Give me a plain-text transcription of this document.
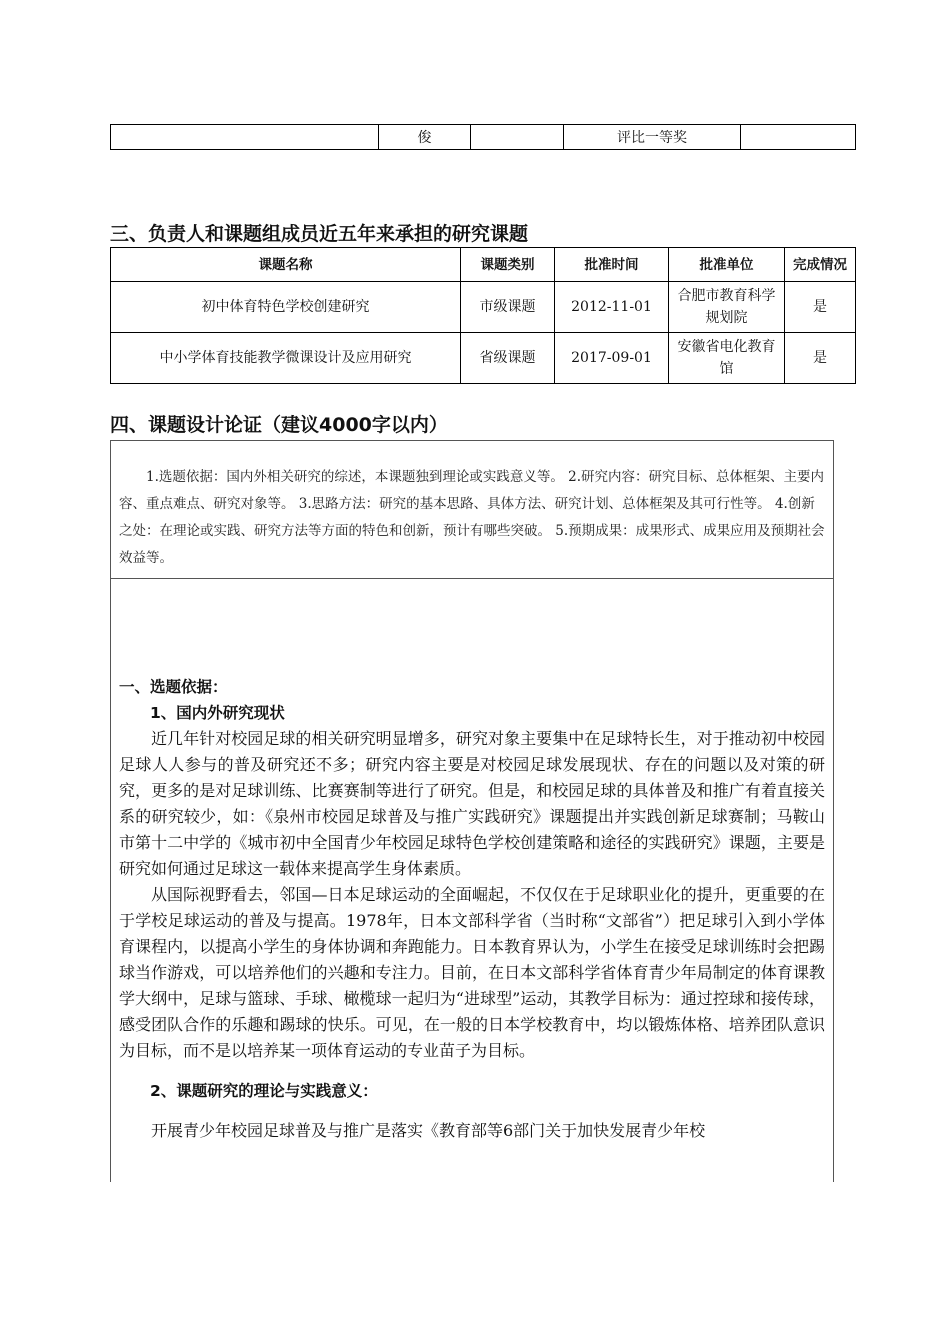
	俊		评比一等奖	
三、负责人和课题组成员近五年来承担的研究课题
课题名称	课题类别	批准时间	批准单位	完成情况
初中体育特色学校创建研究	市级课题	2012-11-01	合肥市教育科学规划院	是
中小学体育技能教学微课设计及应用研究	省级课题	2017-09-01	安徽省电化教育馆	是
四、课题设计论证（建议4000字以内）
1.选题依据：国内外相关研究的综述，本课题独到理论或实践意义等。 2.研究内容：研究目标、总体框架、主要内容、重点难点、研究对象等。 3.思路方法：研究的基本思路、具体方法、研究计划、总体框架及其可行性等。 4.创新之处：在理论或实践、研究方法等方面的特色和创新，预计有哪些突破。 5.预期成果：成果形式、成果应用及预期社会效益等。

一、选题依据：

1、国内外研究现状

近几年针对校园足球的相关研究明显增多，研究对象主要集中在足球特长生，对于推动初中校园足球人人参与的普及研究还不多；研究内容主要是对校园足球发展现状、存在的问题以及对策的研究，更多的是对足球训练、比赛赛制等进行了研究。但是，和校园足球的具体普及和推广有着直接关系的研究较少，如：《泉州市校园足球普及与推广实践研究》课题提出并实践创新足球赛制；马鞍山市第十二中学的《城市初中全国青少年校园足球特色学校创建策略和途径的实践研究》课题，主要是研究如何通过足球这一载体来提高学生身体素质。

从国际视野看去，邻国—日本足球运动的全面崛起，不仅仅在于足球职业化的提升，更重要的在于学校足球运动的普及与提高。1978年，日本文部科学省（当时称“文部省”）把足球引入到小学体育课程内，以提高小学生的身体协调和奔跑能力。日本教育界认为，小学生在接受足球训练时会把踢球当作游戏，可以培养他们的兴趣和专注力。目前，在日本文部科学省体育青少年局制定的体育课教学大纲中，足球与篮球、手球、橄榄球一起归为“进球型”运动，其教学目标为：通过控球和接传球，感受团队合作的乐趣和踢球的快乐。可见，在一般的日本学校教育中，均以锻炼体格、培养团队意识为目标，而不是以培养某一项体育运动的专业苗子为目标。

2、课题研究的理论与实践意义：

开展青少年校园足球普及与推广是落实《教育部等6部门关于加快发展青少年校
